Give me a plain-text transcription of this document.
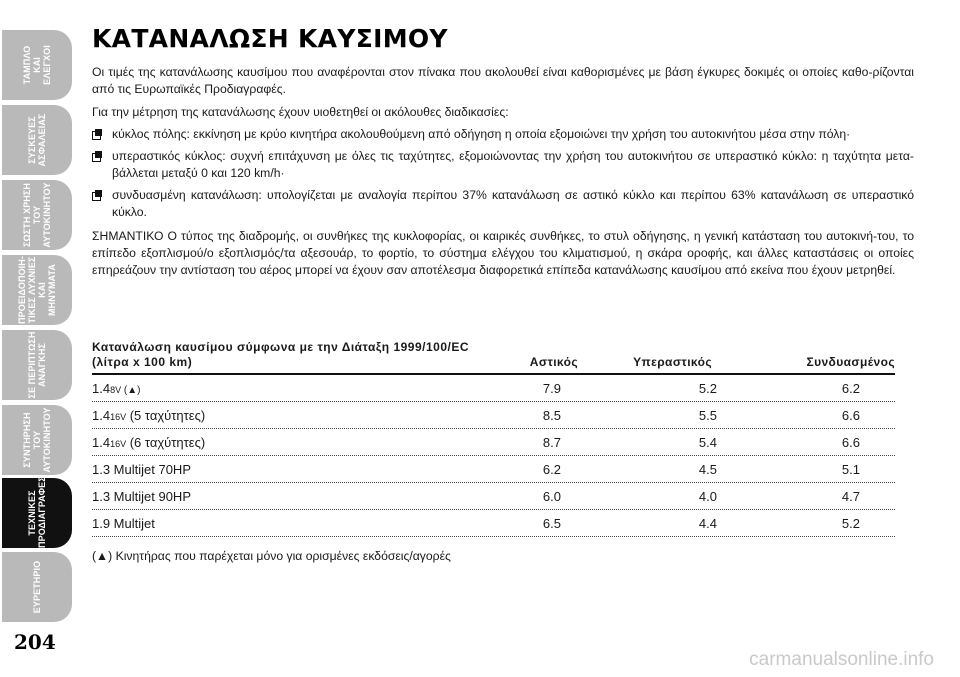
ΤΑΜΠΛΟ
ΚΑΙ
ΕΛΕΓΧΟΙ
ΣΥΣΚΕΥΕΣ
ΑΣΦΑΛΕΙΑΣ
ΣΩΣΤΗ ΧΡΗΣΗ
ΤΟΥ
ΑΥΤΟΚΙΝΗΤΟΥ
ΠΡΟΕΙΔΟΠΟΙΗ-
ΤΙΚΕΣ ΛΥΧΝΙΕΣ
ΚΑΙ ΜΗΝΥΜΑΤΑ
ΣΕ ΠΕΡΙΠΤΩΣΗ
ΑΝΑΓΚΗΣ
ΣΥΝΤΗΡΗΣΗ
ΤΟΥ
ΑΥΤΟΚΙΝΗΤΟΥ
ΤΕΧΝΙΚΕΣ
ΠΡΟΔΙΑΓΡΑΦΕΣ
ΕΥΡΕΤΗΡΙΟ
204
ΚΑΤΑΝΑΛΩΣΗ ΚΑΥΣΙΜΟΥ

Οι τιμές της κατανάλωσης καυσίμου που αναφέρονται στον πίνακα που ακολουθεί είναι καθορισμένες με βάση έγκυρες δοκιμές οι οποίες καθο-ρίζονται από τις Ευρωπαϊκές Προδιαγραφές.

Για την μέτρηση της κατανάλωσης έχουν υιοθετηθεί οι ακόλουθες διαδικασίες:

κύκλος πόλης: εκκίνηση με κρύο κινητήρα ακολουθούμενη από οδήγηση η οποία εξομοιώνει την χρήση του αυτοκινήτου μέσα στην πόλη·
υπεραστικός κύκλος: συχνή επιτάχυνση με όλες τις ταχύτητες, εξομοιώνοντας την χρήση του αυτοκινήτου σε υπεραστικό κύκλο: η ταχύτητα μετα-βάλλεται μεταξύ 0 και 120 km/h·
συνδυασμένη κατανάλωση: υπολογίζεται με αναλογία περίπου 37% κατανάλωση σε αστικό κύκλο και περίπου 63% κατανάλωση σε υπεραστικό κύκλο.

ΣΗΜΑΝΤΙΚΟ Ο τύπος της διαδρομής, οι συνθήκες της κυκλοφορίας, οι καιρικές συνθήκες, το στυλ οδήγησης, η γενική κατάσταση του αυτοκινή-του, το επίπεδο εξοπλισμού/ο εξοπλισμός/τα αξεσουάρ, το φορτίο, το σύστημα ελέγχου του κλιματισμού, η σκάρα οροφής, και άλλες καταστάσεις οι οποίες επηρεάζουν την αντίσταση του αέρος μπορεί να έχουν σαν αποτέλεσμα διαφορετικά επίπεδα κατανάλωσης καυσίμου από εκείνα που έχουν μετρηθεί.

Κατανάλωση καυσίμου σύμφωνα με την Διάταξη 1999/100/EC
(λίτρα x 100 km)	Αστικός	Υπεραστικός	Συνδυασμένος
1.48V (▲)	7.9	5.2	6.2
1.416V (5 ταχύτητες)	8.5	5.5	6.6
1.416V (6 ταχύτητες)	8.7	5.4	6.6
1.3 Multijet 70HP	6.2	4.5	5.1
1.3 Multijet 90HP	6.0	4.0	4.7
1.9 Multijet	6.5	4.4	5.2
(▲) Κινητήρας που παρέχεται μόνο για ορισμένες εκδόσεις/αγορές
carmanualsonline.info
